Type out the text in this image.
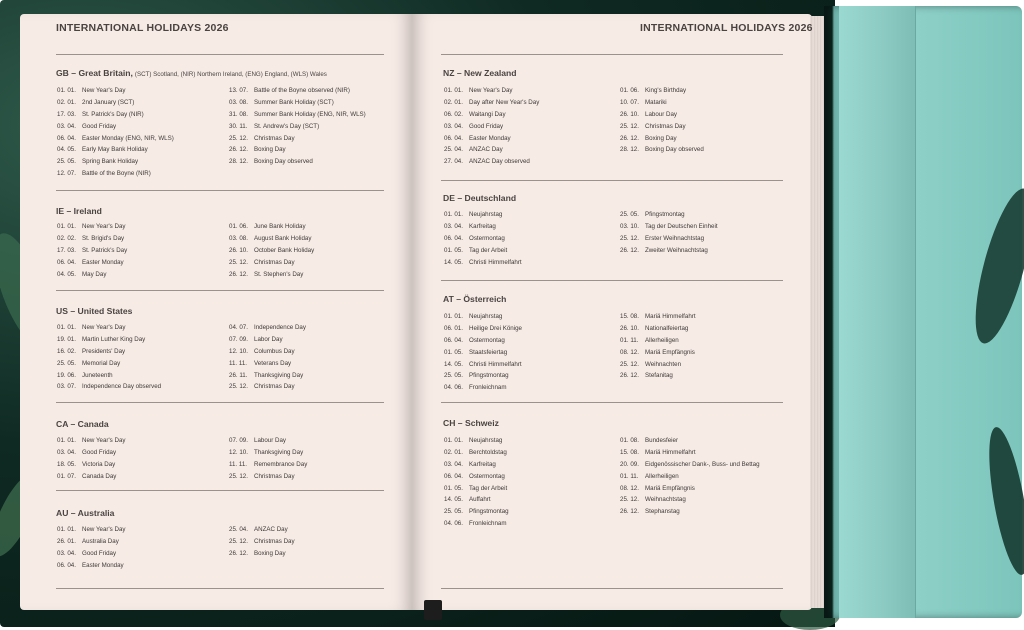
INTERNATIONAL HOLIDAYS 2026	INTERNATIONAL HOLIDAYS 2026
GB – Great Britain, (SCT) Scotland, (NIR) Northern Ireland, (ENG) England, (WLS) Wales
01. 01. New Year's Day
02. 01. 2nd January (SCT)
17. 03. St. Patrick's Day (NIR)
03. 04. Good Friday
06. 04. Easter Monday (ENG, NIR, WLS)
04. 05. Early May Bank Holiday
25. 05. Spring Bank Holiday
12. 07. Battle of the Boyne (NIR)
13. 07. Battle of the Boyne observed (NIR)
03. 08. Summer Bank Holiday (SCT)
31. 08. Summer Bank Holiday (ENG, NIR, WLS)
30. 11. St. Andrew's Day (SCT)
25. 12. Christmas Day
26. 12. Boxing Day
28. 12. Boxing Day observed
IE – Ireland
01. 01. New Year's Day
02. 02. St. Brigid's Day
17. 03. St. Patrick's Day
06. 04. Easter Monday
04. 05. May Day
01. 06. June Bank Holiday
03. 08. August Bank Holiday
26. 10. October Bank Holiday
25. 12. Christmas Day
26. 12. St. Stephen's Day
US – United States
01. 01. New Year's Day
19. 01. Martin Luther King Day
16. 02. Presidents' Day
25. 05. Memorial Day
19. 06. Juneteenth
03. 07. Independence Day observed
04. 07. Independence Day
07. 09. Labor Day
12. 10. Columbus Day
11. 11. Veterans Day
26. 11. Thanksgiving Day
25. 12. Christmas Day
CA – Canada
01. 01. New Year's Day
03. 04. Good Friday
18. 05. Victoria Day
01. 07. Canada Day
07. 09. Labour Day
12. 10. Thanksgiving Day
11. 11. Remembrance Day
25. 12. Christmas Day
AU – Australia
01. 01. New Year's Day
26. 01. Australia Day
03. 04. Good Friday
06. 04. Easter Monday
25. 04. ANZAC Day
25. 12. Christmas Day
26. 12. Boxing Day
NZ – New Zealand
01. 01. New Year's Day
02. 01. Day after New Year's Day
06. 02. Waitangi Day
03. 04. Good Friday
06. 04. Easter Monday
25. 04. ANZAC Day
27. 04. ANZAC Day observed
01. 06. King's Birthday
10. 07. Matariki
26. 10. Labour Day
25. 12. Christmas Day
26. 12. Boxing Day
28. 12. Boxing Day observed
DE – Deutschland
01. 01. Neujahrstag
03. 04. Karfreitag
06. 04. Ostermontag
01. 05. Tag der Arbeit
14. 05. Christi Himmelfahrt
25. 05. Pfingstmontag
03. 10. Tag der Deutschen Einheit
25. 12. Erster Weihnachtstag
26. 12. Zweiter Weihnachtstag
AT – Österreich
01. 01. Neujahrstag
06. 01. Heilige Drei Könige
06. 04. Ostermontag
01. 05. Staatsfeiertag
14. 05. Christi Himmelfahrt
25. 05. Pfingstmontag
04. 06. Fronleichnam
15. 08. Mariä Himmelfahrt
26. 10. Nationalfeiertag
01. 11. Allerheiligen
08. 12. Mariä Empfängnis
25. 12. Weihnachten
26. 12. Stefanitag
CH – Schweiz
01. 01. Neujahrstag
02. 01. Berchtoldstag
03. 04. Karfreitag
06. 04. Ostermontag
01. 05. Tag der Arbeit
14. 05. Auffahrt
25. 05. Pfingstmontag
04. 06. Fronleichnam
01. 08. Bundesfeier
15. 08. Mariä Himmelfahrt
20. 09. Eidgenössischer Dank-, Buss- und Bettag
01. 11. Allerheiligen
08. 12. Mariä Empfängnis
25. 12. Weihnachtstag
26. 12. Stephanstag
